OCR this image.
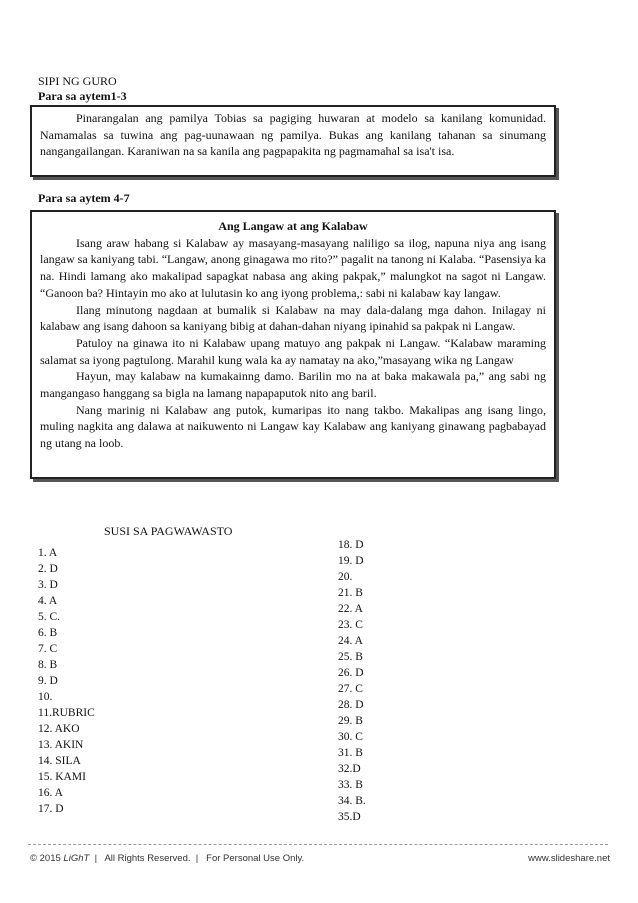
SIPI NG GURO
Para sa aytem1-3

Pinarangalan ang pamilya Tobias sa pagiging huwaran at modelo sa kanilang komunidad. Namamalas sa tuwina ang pag-uunawaan ng pamilya. Bukas ang kanilang tahanan sa sinumang nangangailangan. Karaniwan na sa kanila ang pagpapakita ng pagmamahal sa isa't isa.

Para sa aytem 4-7
Ang Langaw at ang Kalabaw

Isang araw habang si Kalabaw ay masayang-masayang naliligo sa ilog, napuna niya ang isang langaw sa kaniyang tabi. “Langaw, anong ginagawa mo rito?” pagalit na tanong ni Kalaba. “Pasensiya ka na. Hindi lamang ako makalipad sapagkat nabasa ang aking pakpak,” malungkot na sagot ni Langaw. “Ganoon ba? Hintayin mo ako at lulutasin ko ang iyong problema,: sabi ni kalabaw kay langaw.

Ilang minutong nagdaan at bumalik si Kalabaw na may dala-dalang mga dahon. Inilagay ni kalabaw ang isang dahoon sa kaniyang bibig at dahan-dahan niyang ipinahid sa pakpak ni Langaw.

Patuloy na ginawa ito ni Kalabaw upang matuyo ang pakpak ni Langaw. “Kalabaw maraming salamat sa iyong pagtulong. Marahil kung wala ka ay namatay na ako,”masayang wika ng Langaw

Hayun, may kalabaw na kumakainng damo. Barilin mo na at baka makawala pa,” ang sabi ng mangangaso hanggang sa bigla na lamang napapaputok nito ang baril.

Nang marinig ni Kalabaw ang putok, kumaripas ito nang takbo. Makalipas ang isang lingo, muling nagkita ang dalawa at naikuwento ni Langaw kay Kalabaw ang kaniyang ginawang pagbabayad ng utang na loob.

SUSI SA PAGWAWASTO
1. A
2. D
3. D
4. A
5. C.
6. B
7. C
8. B
9. D
10.
11.RUBRIC
12. AKO
13. AKIN
14. SILA
15. KAMI
16. A
17. D
18. D
19. D
20.
21. B
22. A
23. C
24. A
25. B
26. D
27. C
28. D
29. B
30. C
31. B
32.D
33. B
34. B.
35.D
© 2015 LiGhT  |   All Rights Reserved.  |   For Personal Use Only.	www.slideshare.net
